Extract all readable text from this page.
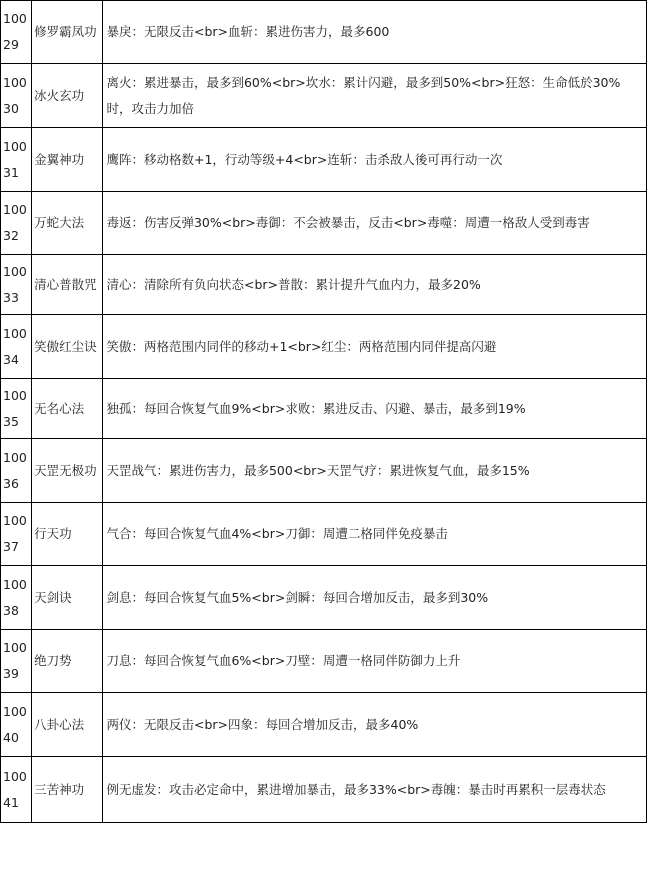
10029	修罗霸凤功	暴戾：无限反击<br>血斩：累进伤害力，最多600
10030	冰火玄功	离火：累进暴击，最多到60%<br>坎水：累计闪避，最多到50%<br>狂怒：生命低於30%时，攻击力加倍
10031	金翼神功	鹰阵：移动格数+1，行动等级+4<br>连斩：击杀敌人後可再行动一次
10032	万蛇大法	毒返：伤害反弹30%<br>毒御：不会被暴击，反击<br>毒噬：周遭一格敌人受到毒害
10033	清心普散咒	清心：清除所有负向状态<br>普散：累计提升气血内力，最多20%
10034	笑傲红尘诀	笑傲：两格范围内同伴的移动+1<br>红尘：两格范围内同伴提高闪避
10035	无名心法	独孤：每回合恢复气血9%<br>求败：累进反击、闪避、暴击，最多到19%
10036	天罡无极功	天罡战气：累进伤害力，最多500<br>天罡气疗：累进恢复气血，最多15%
10037	行天功	气合：每回合恢复气血4%<br>刀御：周遭二格同伴免疫暴击
10038	天剑诀	剑息：每回合恢复气血5%<br>剑瞬：每回合增加反击，最多到30%
10039	绝刀势	刀息：每回合恢复气血6%<br>刀壁：周遭一格同伴防御力上升
10040	八卦心法	两仪：无限反击<br>四象：每回合增加反击，最多40%
10041	三苦神功	例无虚发：攻击必定命中，累进增加暴击，最多33%<br>毒魄：暴击时再累积一层毒状态
